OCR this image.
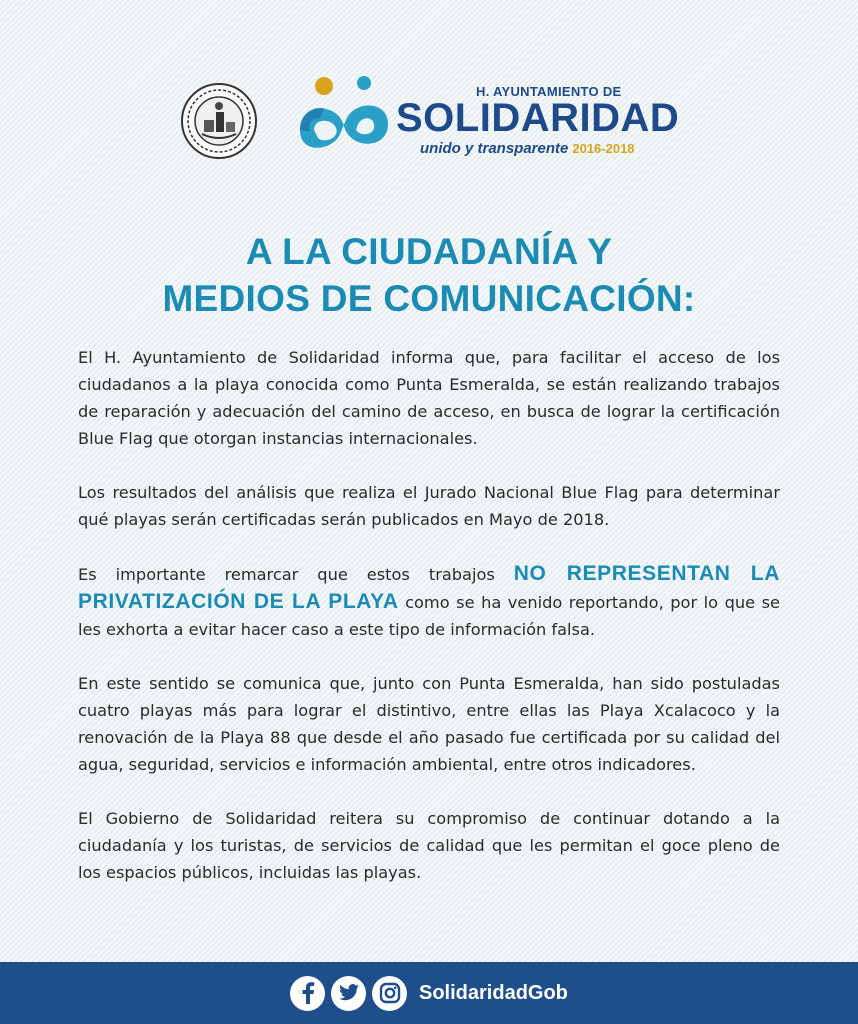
H. AYUNTAMIENTO DE
SOLIDARIDAD
unido y transparente 2016-2018
A LA CIUDADANÍA Y
MEDIOS DE COMUNICACIÓN:

El H. Ayuntamiento de Solidaridad informa que, para facilitar el acceso de los ciudadanos a la playa conocida como Punta Esmeralda, se están realizando trabajos de reparación y adecuación del camino de acceso, en busca de lograr la certificación Blue Flag que otorgan instancias internacionales.

Los resultados del análisis que realiza el Jurado Nacional Blue Flag para determinar qué playas serán certificadas serán publicados en Mayo de 2018.

Es importante remarcar que estos trabajos NO REPRESENTAN LA PRIVATIZACIÓN DE LA PLAYA como se ha venido reportando, por lo que se les exhorta a evitar hacer caso a este tipo de información falsa.

En este sentido se comunica que, junto con Punta Esmeralda, han sido postuladas cuatro playas más para lograr el distintivo, entre ellas las Playa Xcalacoco y la renovación de la Playa 88 que desde el año pasado fue certificada por su calidad del agua, seguridad, servicios e información ambiental, entre otros indicadores.

El Gobierno de Solidaridad reitera su compromiso de continuar dotando a la ciudadanía y los turistas, de servicios de calidad que les permitan el goce pleno de los espacios públicos, incluidas las playas.

SolidaridadGob
